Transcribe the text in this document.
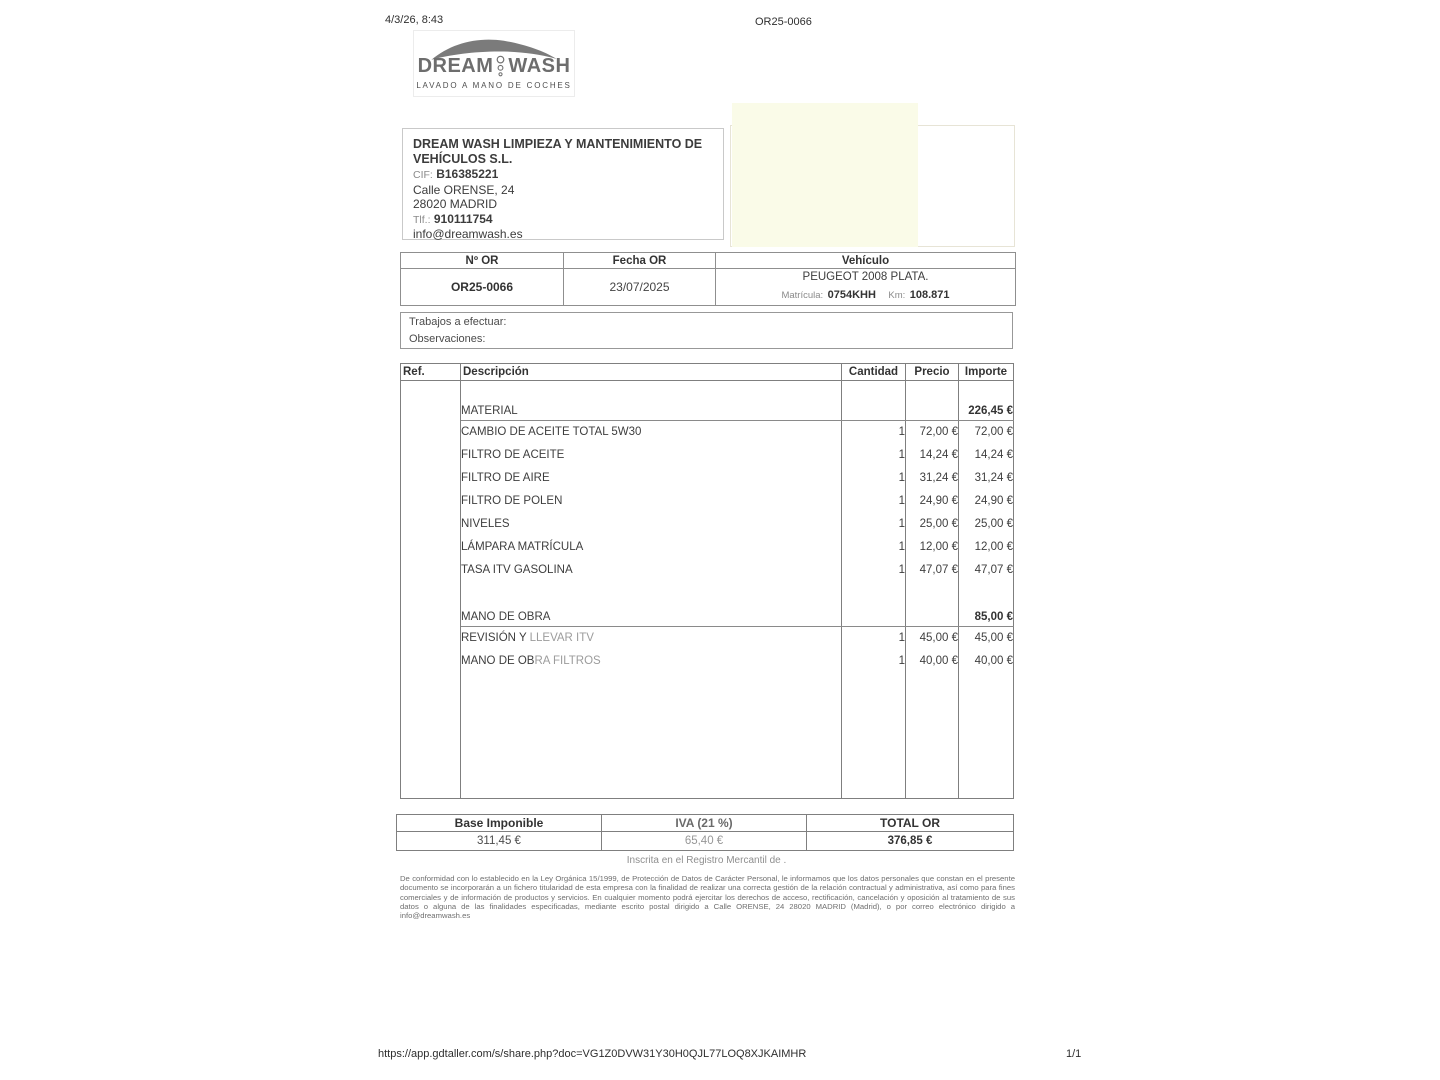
4/3/26, 8:43	OR25-0066
DREAM WASH
LAVADO A MANO DE COCHES
DREAM WASH LIMPIEZA Y MANTENIMIENTO DE
VEHÍCULOS S.L.
CIF: B16385221
Calle ORENSE, 24
28020 MADRID
Tlf.: 910111754
info@dreamwash.es
Nº OR	Fecha OR	Vehículo
OR25-0066	23/07/2025	PEUGEOT 2008 PLATA.
Matrícula: 0754KHH Km: 108.871
Trabajos a efectuar:
Observaciones:
Ref.	Descripción	Cantidad	Precio	Importe

	MATERIAL			226,45 €
	CAMBIO DE ACEITE TOTAL 5W30	1	72,00 €	72,00 €
	FILTRO DE ACEITE	1	14,24 €	14,24 €
	FILTRO DE AIRE	1	31,24 €	31,24 €
	FILTRO DE POLEN	1	24,90 €	24,90 €
	NIVELES	1	25,00 €	25,00 €
	LÁMPARA MATRÍCULA	1	12,00 €	12,00 €
	TASA ITV GASOLINA	1	47,07 €	47,07 €

	MANO DE OBRA			85,00 €
	REVISIÓN Y LLEVAR ITV	1	45,00 €	45,00 €
	MANO DE OBRA FILTROS	1	40,00 €	40,00 €

Base Imponible	IVA (21 %)	TOTAL OR
311,45 €	65,40 €	376,85 €
Inscrita en el Registro Mercantil de .
De conformidad con lo establecido en la Ley Orgánica 15/1999, de Protección de Datos de Carácter Personal, le informamos que los datos personales que constan en el presente documento se incorporarán a un fichero titularidad de esta empresa con la finalidad de realizar una correcta gestión de la relación contractual y administrativa, así como para fines comerciales y de información de productos y servicios. En cualquier momento podrá ejercitar los derechos de acceso, rectificación, cancelación y oposición al tratamiento de sus datos o alguna de las finalidades especificadas, mediante escrito postal dirigido a Calle ORENSE, 24 28020 MADRID (Madrid), o por correo electrónico dirigido a info@dreamwash.es
https://app.gdtaller.com/s/share.php?doc=VG1Z0DVW31Y30H0QJL77LOQ8XJKAIMHR	1/1
